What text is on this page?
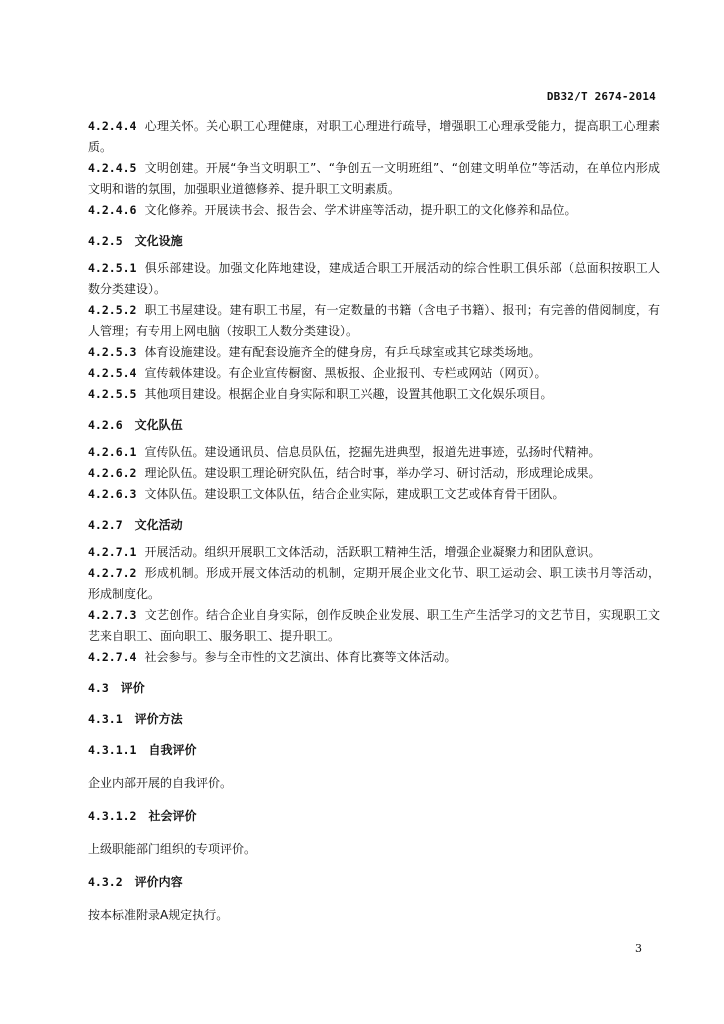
DB32/T 2674-2014
4.2.4.4 心理关怀。关心职工心理健康，对职工心理进行疏导，增强职工心理承受能力，提高职工心理素质。
4.2.4.5 文明创建。开展“争当文明职工”、“争创五一文明班组”、“创建文明单位”等活动，在单位内形成文明和谐的氛围，加强职业道德修养、提升职工文明素质。
4.2.4.6 文化修养。开展读书会、报告会、学术讲座等活动，提升职工的文化修养和品位。
4.2.5 文化设施
4.2.5.1 俱乐部建设。加强文化阵地建设，建成适合职工开展活动的综合性职工俱乐部（总面积按职工人数分类建设）。
4.2.5.2 职工书屋建设。建有职工书屋，有一定数量的书籍（含电子书籍）、报刊；有完善的借阅制度，有人管理；有专用上网电脑（按职工人数分类建设）。
4.2.5.3 体育设施建设。建有配套设施齐全的健身房，有乒乓球室或其它球类场地。
4.2.5.4 宣传载体建设。有企业宣传橱窗、黑板报、企业报刊、专栏或网站（网页）。
4.2.5.5 其他项目建设。根据企业自身实际和职工兴趣，设置其他职工文化娱乐项目。
4.2.6 文化队伍
4.2.6.1 宣传队伍。建设通讯员、信息员队伍，挖掘先进典型，报道先进事迹，弘扬时代精神。
4.2.6.2 理论队伍。建设职工理论研究队伍，结合时事，举办学习、研讨活动，形成理论成果。
4.2.6.3 文体队伍。建设职工文体队伍，结合企业实际，建成职工文艺或体育骨干团队。
4.2.7 文化活动
4.2.7.1 开展活动。组织开展职工文体活动，活跃职工精神生活，增强企业凝聚力和团队意识。
4.2.7.2 形成机制。形成开展文体活动的机制，定期开展企业文化节、职工运动会、职工读书月等活动，形成制度化。
4.2.7.3 文艺创作。结合企业自身实际，创作反映企业发展、职工生产生活学习的文艺节目，实现职工文艺来自职工、面向职工、服务职工、提升职工。
4.2.7.4 社会参与。参与全市性的文艺演出、体育比赛等文体活动。
4.3 评价
4.3.1 评价方法
4.3.1.1 自我评价
企业内部开展的自我评价。
4.3.1.2 社会评价
上级职能部门组织的专项评价。
4.3.2 评价内容
按本标准附录A规定执行。
3
